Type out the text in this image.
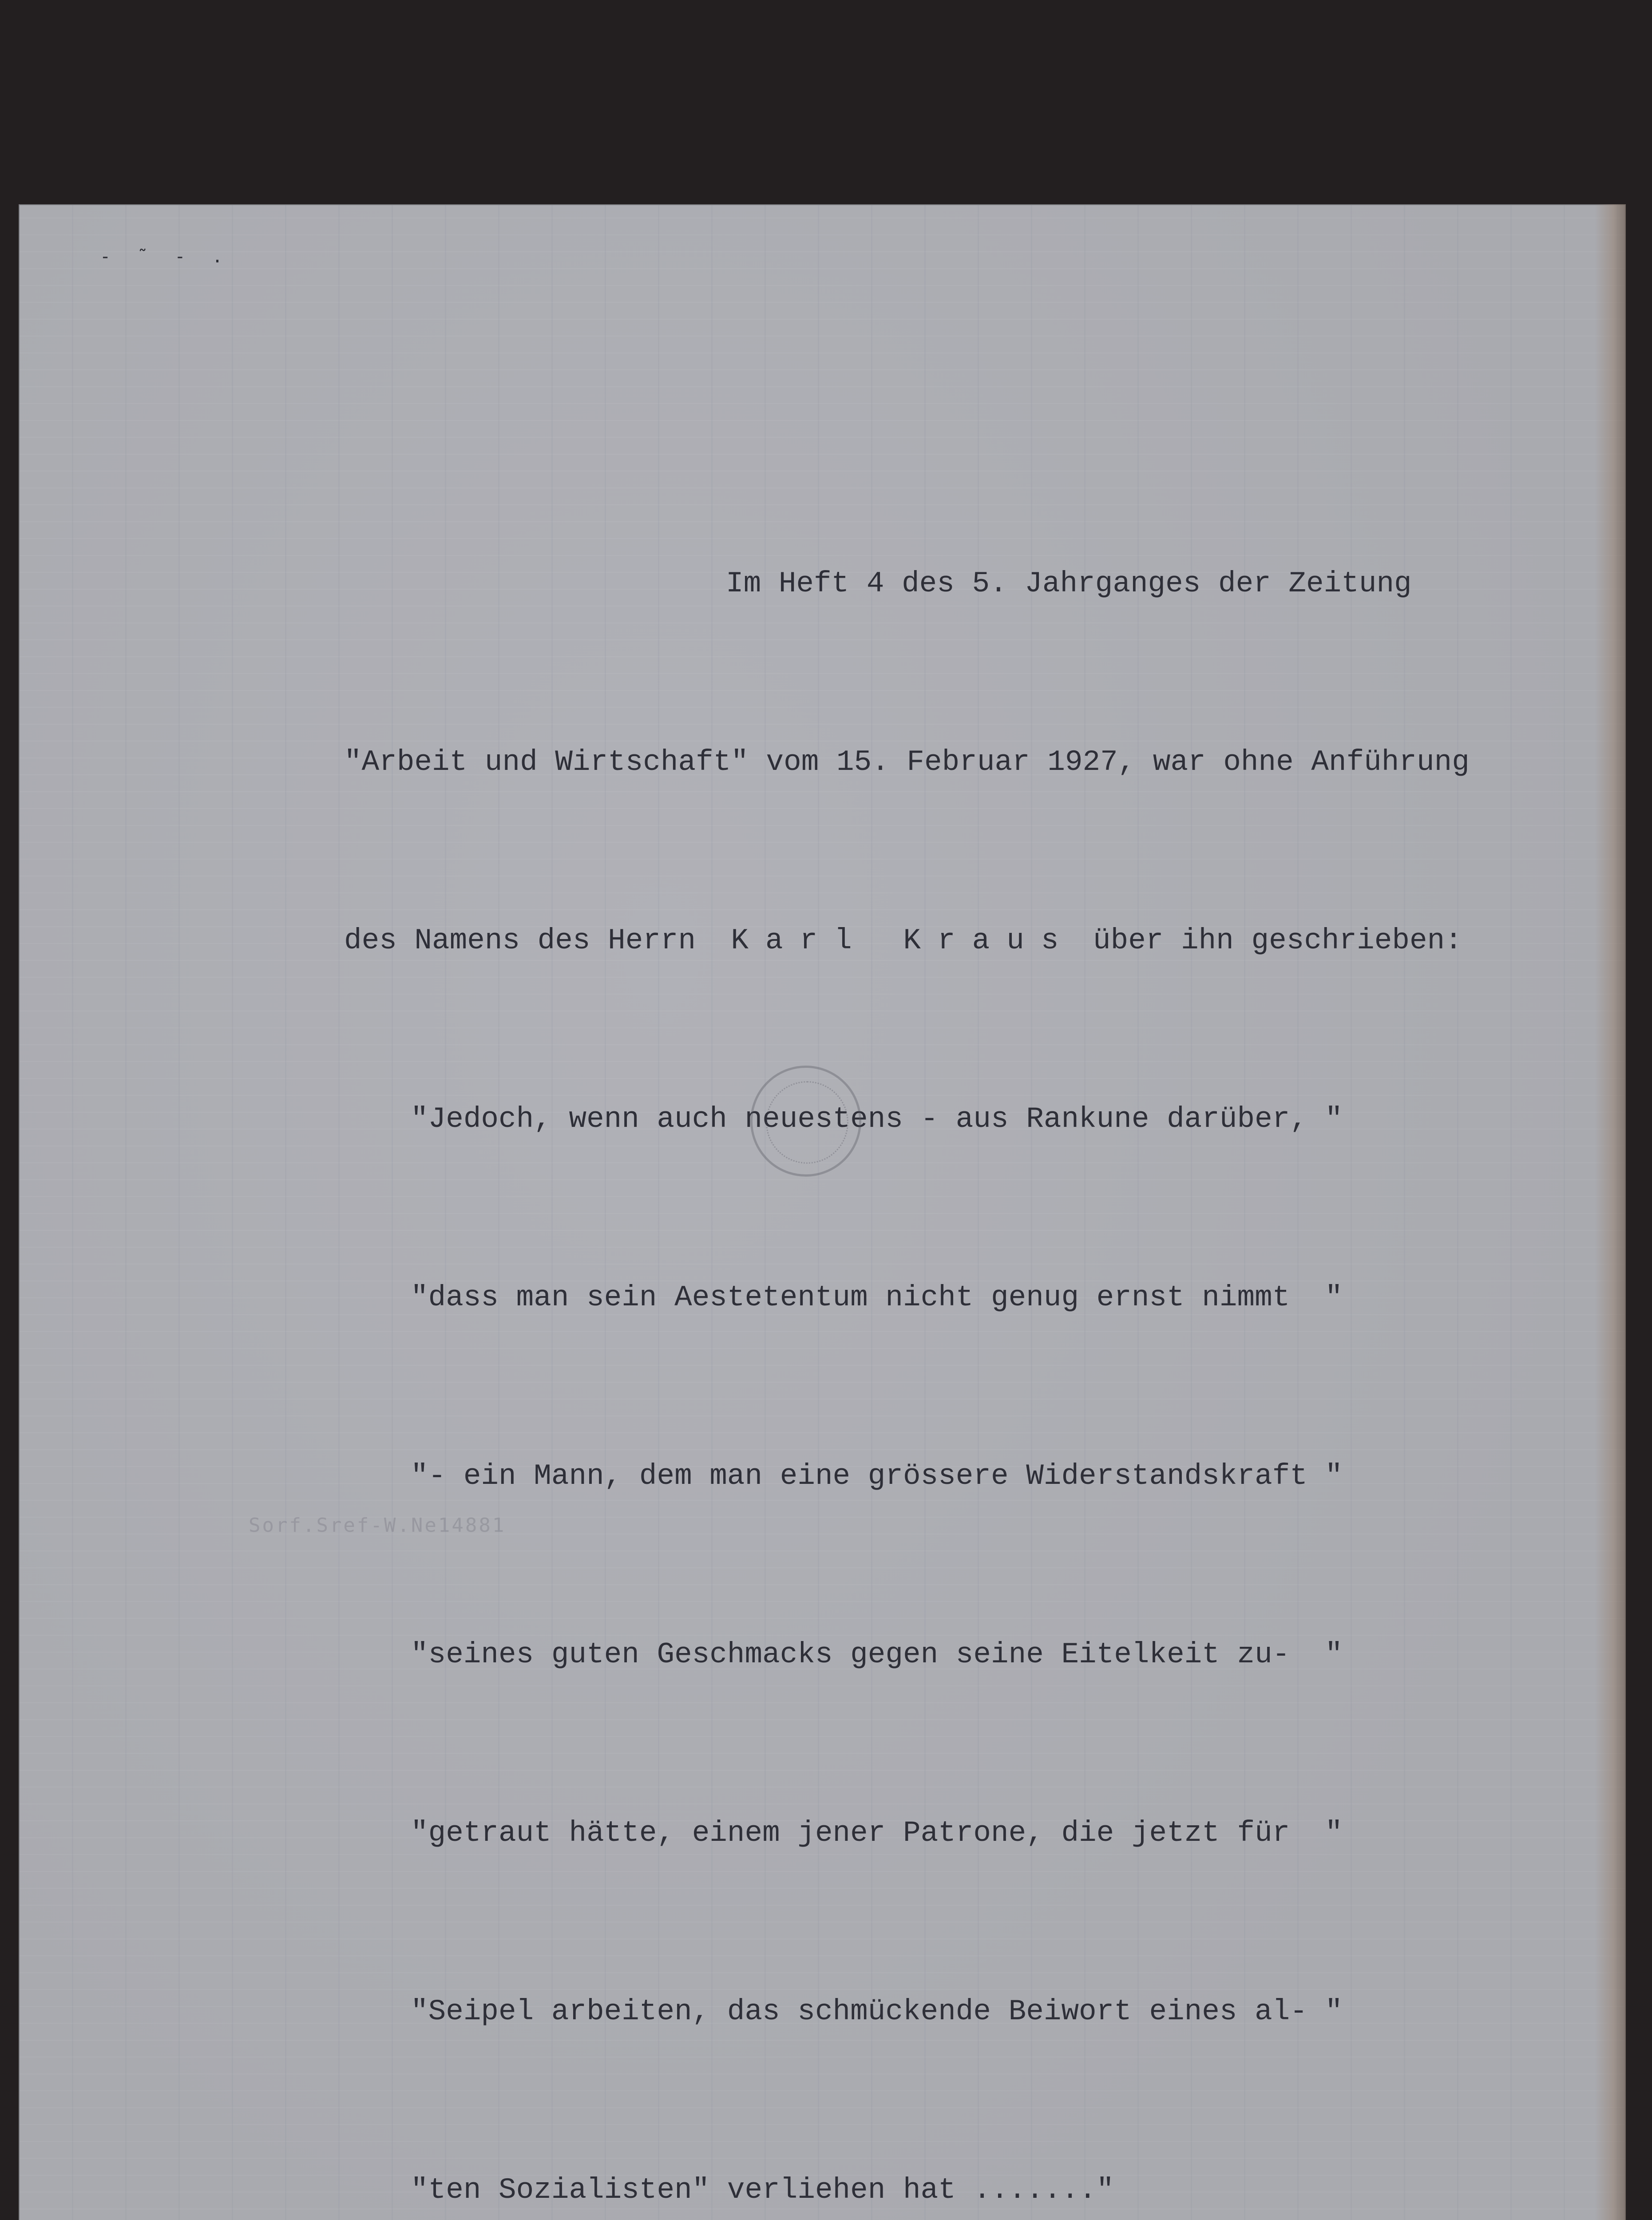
- ˜ - .

Im Heft 4 des 5. Jahrganges der Zeitung

"Arbeit und Wirtschaft" vom 15. Februar 1927, war ohne Anführung

des Namens des Herrn Karl Kraus über ihn geschrieben:

"Jedoch, wenn auch neuestens - aus Rankune darüber, "

"dass man sein Aestetentum nicht genug ernst nimmt  "

"- ein Mann, dem man eine grössere Widerstandskraft "

"seines guten Geschmacks gegen seine Eitelkeit zu-  "

"getraut hätte, einem jener Patrone, die jetzt für  "

"Seipel arbeiten, das schmückende Beiwort eines al- "

"ten Sozialisten" verliehen hat ......."

Sorf.Sref-W.Ne14881
